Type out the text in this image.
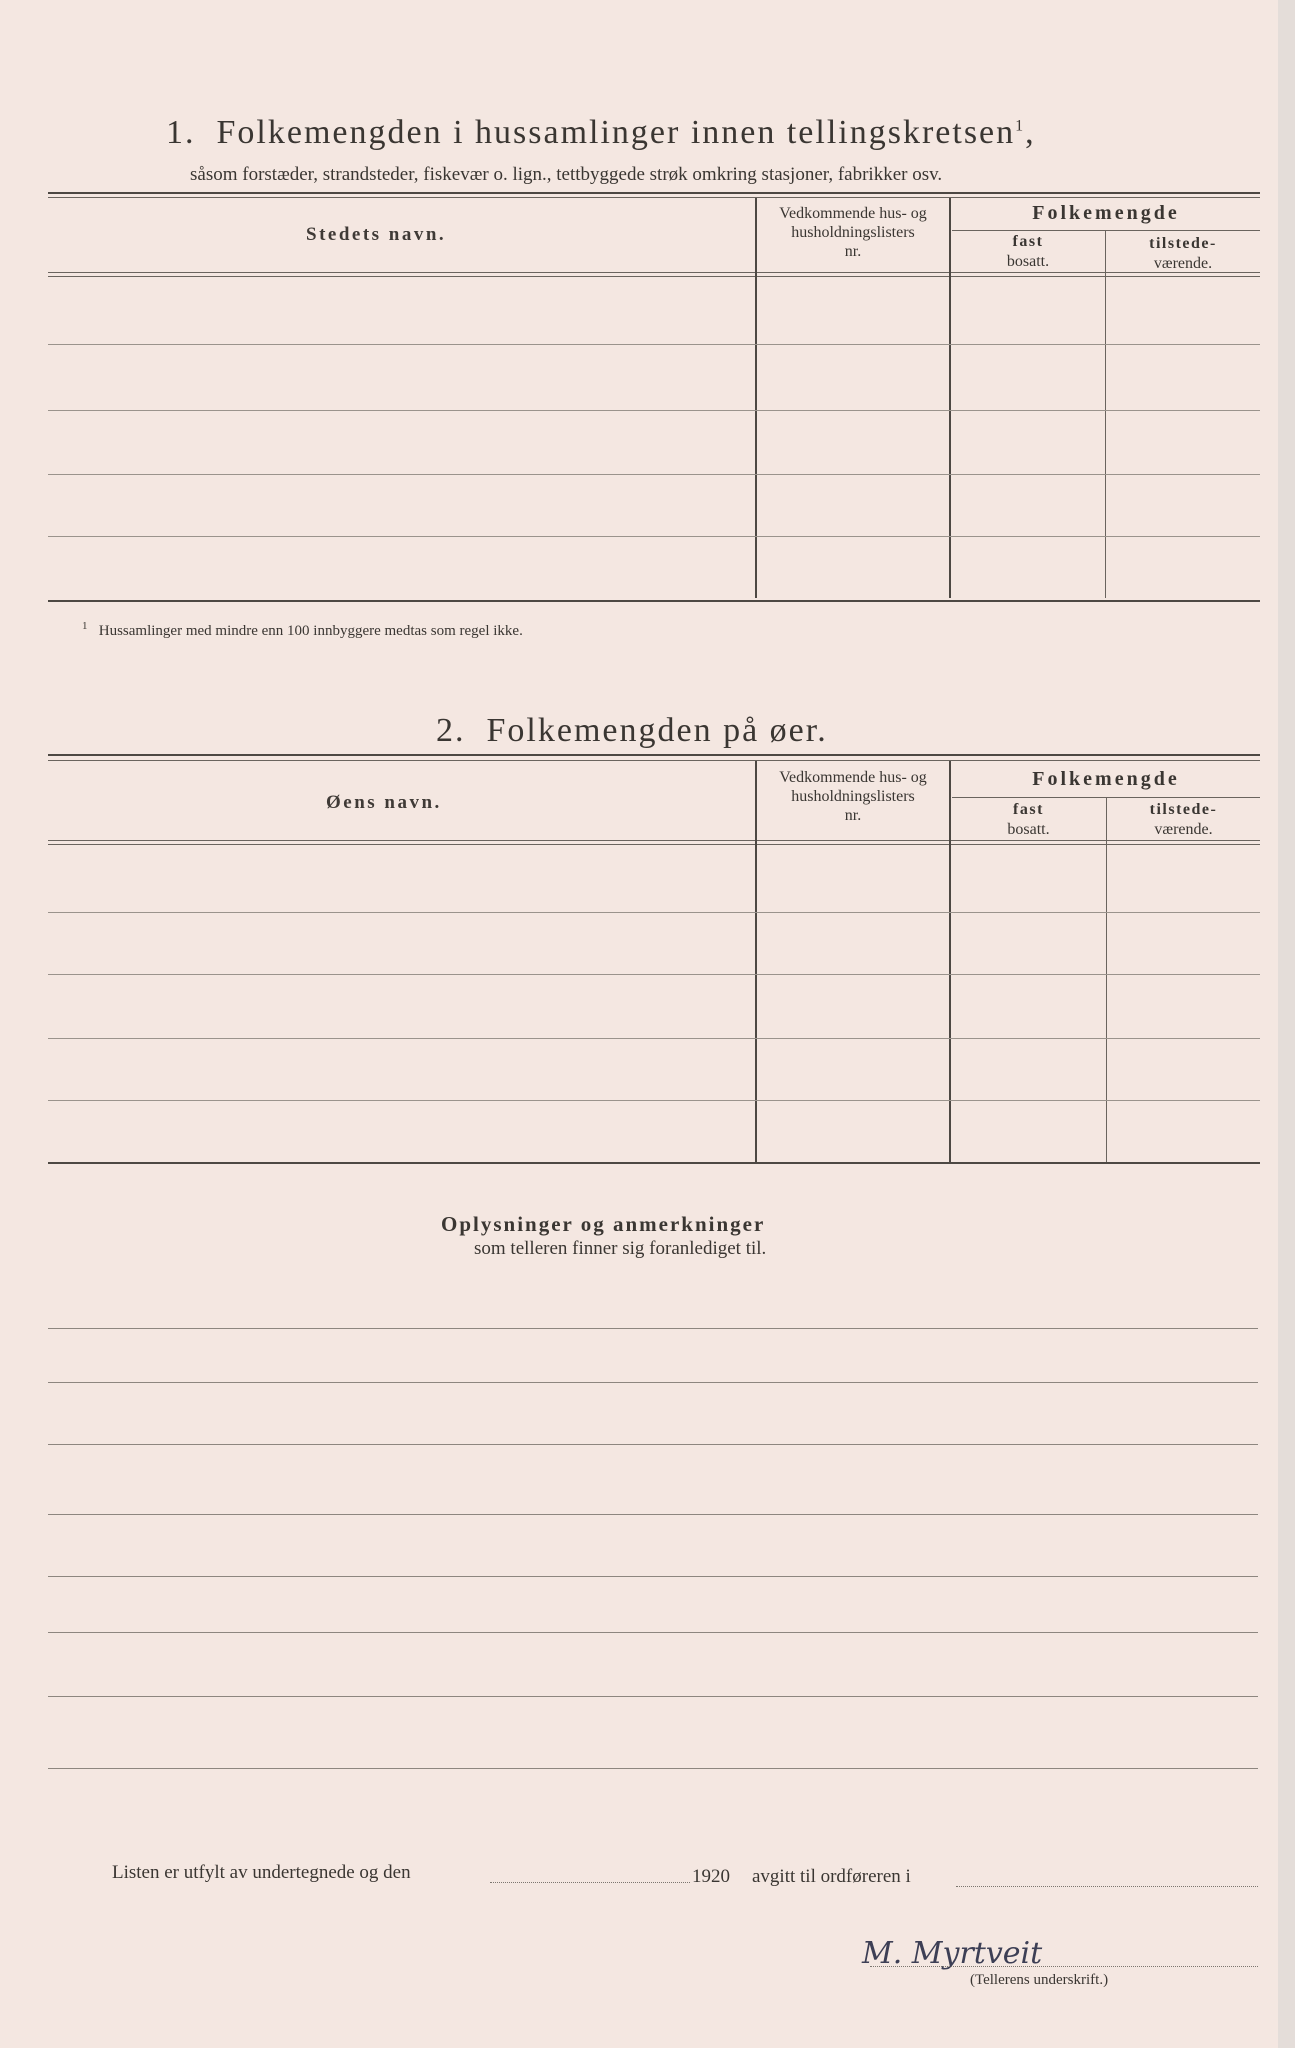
1. Folkemengden i hussamlinger innen tellingskretsen$^1$,
såsom forstæder, strandsteder, fiskevær o. lign., tettbyggede strøk omkring stasjoner, fabrikker osv.
Stedets navn.
Vedkommende hus- og
husholdningslisters
nr.
Folkemengde
fast
bosatt.
tilstede-
værende.
$^1$ Hussamlinger med mindre enn 100 innbyggere medtas som regel ikke.
2. Folkemengden på øer.
Øens navn.
Vedkommende hus- og
husholdningslisters
nr.
Folkemengde
fast
bosatt.
tilstede-
værende.
Oplysninger og anmerkninger
som telleren finner sig foranlediget til.
Listen er utfylt av undertegnede og den	1920 avgitt til ordføreren i
M. Myrtveit
(Tellerens underskrift.)
